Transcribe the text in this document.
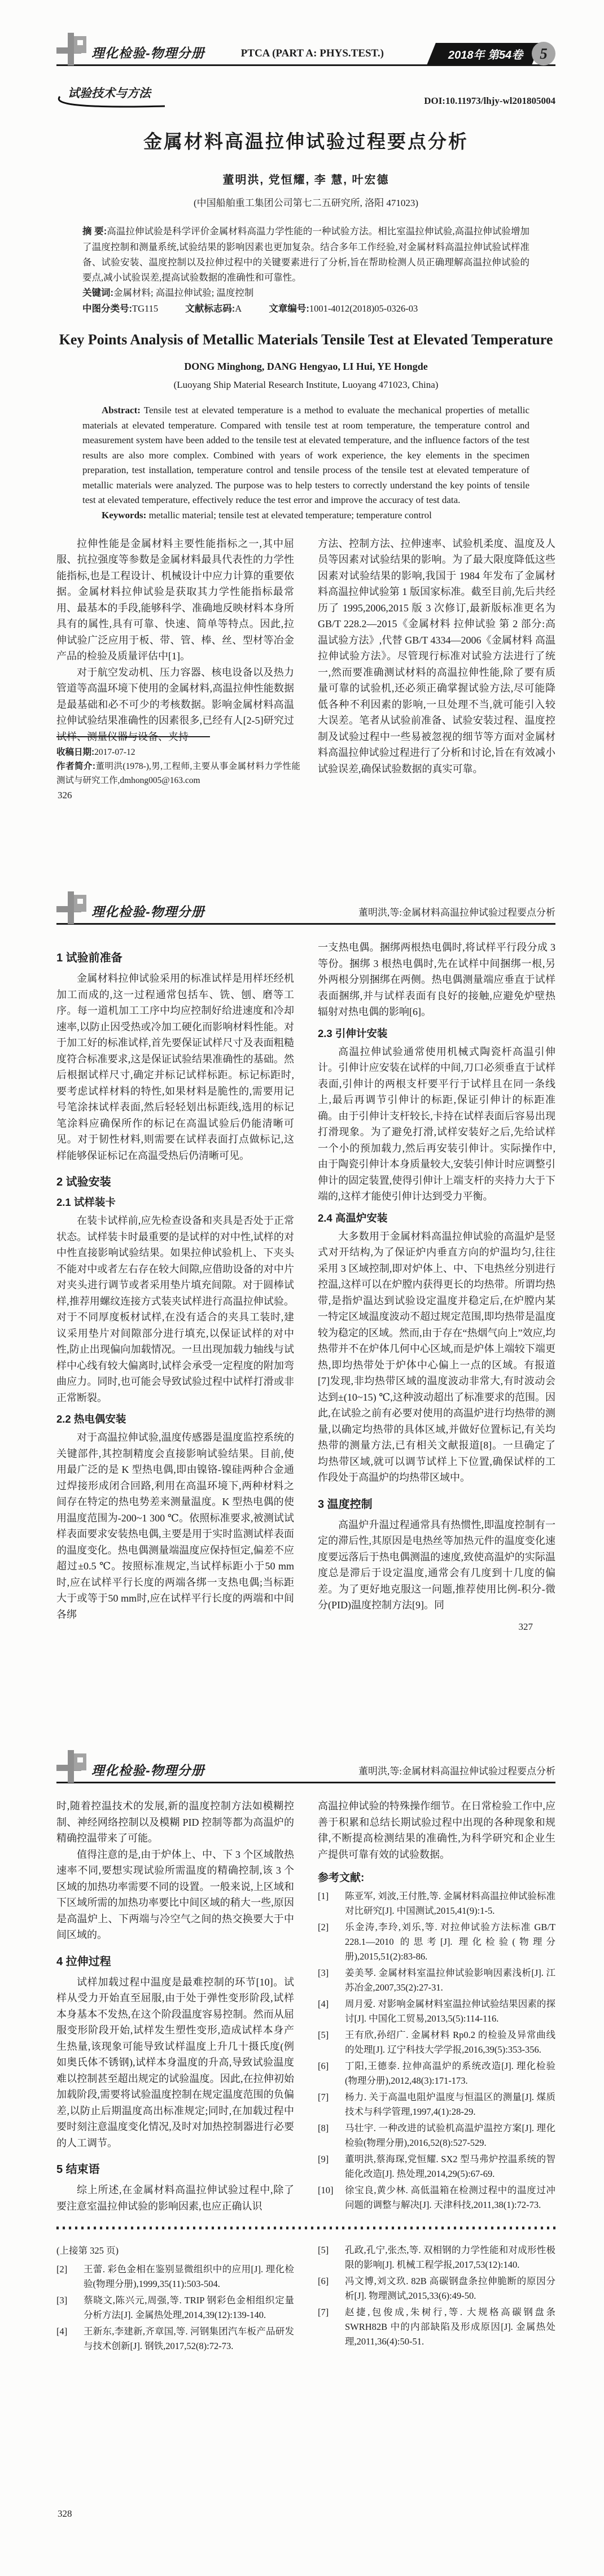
理化检验-物理分册	PTCA (PART A: PHYS.TEST.)	2018年 第54卷	5
试验技术与方法
DOI:10.11973/lhjy-wl201805004
金属材料高温拉伸试验过程要点分析
董明洪, 党恒耀, 李 慧, 叶宏德
(中国船舶重工集团公司第七二五研究所, 洛阳 471023)

摘 要:高温拉伸试验是科学评价金属材料高温力学性能的一种试验方法。相比室温拉伸试验,高温拉伸试验增加了温度控制和测量系统,试验结果的影响因素也更加复杂。结合多年工作经验,对金属材料高温拉伸试验试样准备、试验安装、温度控制以及拉伸过程中的关键要素进行了分析,旨在帮助检测人员正确理解高温拉伸试验的要点,减小试验误差,提高试验数据的准确性和可靠性。

关键词:金属材料; 高温拉伸试验; 温度控制

中图分类号:TG115	文献标志码:A	文章编号:1001-4012(2018)05-0326-03

Key Points Analysis of Metallic Materials Tensile Test at Elevated Temperature
DONG Minghong, DANG Hengyao, LI Hui, YE Hongde
(Luoyang Ship Material Research Institute, Luoyang 471023, China)

Abstract: Tensile test at elevated temperature is a method to evaluate the mechanical properties of metallic materials at elevated temperature. Compared with tensile test at room temperature, the temperature control and measurement system have been added to the tensile test at elevated temperature, and the influence factors of the test results are also more complex. Combined with years of work experience, the key elements in the specimen preparation, test installation, temperature control and tensile process of the tensile test at elevated temperature of metallic materials were analyzed. The purpose was to help testers to correctly understand the key points of tensile test at elevated temperature, effectively reduce the test error and improve the accuracy of test data.

Keywords: metallic material; tensile test at elevated temperature; temperature control

拉伸性能是金属材料主要性能指标之一,其中屈服、抗拉强度等参数是金属材料最具代表性的力学性能指标,也是工程设计、机械设计中应力计算的重要依据。金属材料拉伸试验是获取其力学性能指标最常用、最基本的手段,能够科学、准确地反映材料本身所具有的属性,具有可靠、快速、简单等特点。因此,拉伸试验广泛应用于板、带、管、棒、丝、型材等冶金产品的检验及质量评估中[1]。

对于航空发动机、压力容器、核电设备以及热力管道等高温环境下使用的金属材料,高温拉伸性能数据是最基础和必不可少的考核数据。影响金属材料高温拉伸试验结果准确性的因素很多,已经有人[2-5]研究过试样、测量仪器与设备、夹持

方法、控制方法、拉伸速率、试验机柔度、温度及人员等因素对试验结果的影响。为了最大限度降低这些因素对试验结果的影响,我国于 1984 年发布了金属材料高温拉伸试验第 1 版国家标准。截至目前,先后共经历了 1995,2006,2015 版 3 次修订,最新版标准更名为 GB/T 228.2—2015《金属材料 拉伸试验 第 2 部分:高温试验方法》,代替 GB/T 4334—2006《金属材料 高温拉伸试验方法》。尽管现行标准对试验方法进行了统一,然而要准确测试材料的高温拉伸性能,除了要有质量可靠的试验机,还必须正确掌握试验方法,尽可能降低各种不利因素的影响,一旦处理不当,就可能引入较大误差。笔者从试验前准备、试验安装过程、温度控制及试验过程中一些易被忽视的细节等方面对金属材料高温拉伸试验过程进行了分析和讨论,旨在有效减小试验误差,确保试验数据的真实可靠。

收稿日期:2017-07-12

作者简介:董明洪(1978-),男,工程师,主要从事金属材料力学性能测试与研究工作,dmhong005@163.com

326
理化检验-物理分册	董明洪,等:金属材料高温拉伸试验过程要点分析
1 试验前准备

金属材料拉伸试验采用的标准试样是用样坯经机加工而成的,这一过程通常包括车、铣、刨、磨等工序。每一道机加工工序中均应控制好给进速度和冷却速率,以防止因受热或冷加工硬化而影响材料性能。对于加工好的标准试样,首先要保证试样尺寸及表面粗糙度符合标准要求,这是保证试验结果准确性的基础。然后根据试样尺寸,确定并标记试样标距。标记标距时,要考虑试样材料的特性,如果材料是脆性的,需要用记号笔涂抹试样表面,然后轻轻划出标距线,选用的标记笔涂料应确保所作的标记在高温试验后仍能清晰可见。对于韧性材料,则需要在试样表面打点做标记,这样能够保证标记在高温受热后仍清晰可见。

2 试验安装
2.1 试样装卡

在装卡试样前,应先检查设备和夹具是否处于正常状态。试样装卡时最重要的是试样的对中性,试样的对中性直接影响试验结果。如果拉伸试验机上、下夹头不能对中或者左右存在较大间隙,应借助设备的对中片对夹头进行调节或者采用垫片填充间隙。对于圆棒试样,推荐用螺纹连接方式装夹试样进行高温拉伸试验。对于不同厚度板材试样,在没有适合的夹具工装时,建议采用垫片对间隙部分进行填充,以保证试样的对中性,防止出现偏向加载情况。一旦出现加载力轴线与试样中心线有较大偏离时,试样会承受一定程度的附加弯曲应力。同时,也可能会导致试验过程中试样打滑或非正常断裂。

2.2 热电偶安装

对于高温拉伸试验,温度传感器是温度监控系统的关键部件,其控制精度会直接影响试验结果。目前,使用最广泛的是 K 型热电偶,即由镍铬-镍硅两种合金通过焊接形成闭合回路,利用在高温环境下,两种材料之间存在特定的热电势差来测量温度。K 型热电偶的使用温度范围为-200~1 300 ℃。依照标准要求,被测试试样表面要求安装热电偶,主要是用于实时监测试样表面的温度变化。热电偶测量端温度应保持恒定,偏差不应超过±0.5 ℃。按照标准规定,当试样标距小于50 mm 时,应在试样平行长度的两端各绑一支热电偶;当标距大于或等于50 mm时,应在试样平行长度的两端和中间各绑

一支热电偶。捆绑两根热电偶时,将试样平行段分成 3 等份。捆绑 3 根热电偶时,先在试样中间捆绑一根,另外两根分别捆绑在两侧。热电偶测量端应垂直于试样表面捆绑,并与试样表面有良好的接触,应避免炉壁热辐射对热电偶的影响[6]。

2.3 引伸计安装

高温拉伸试验通常使用机械式陶瓷杆高温引伸计。引伸计应安装在试样的中间,刀口必须垂直于试样表面,引伸计的两根支杆要平行于试样且在同一条线上,最后再调节引伸计的标距,保证引伸计的标距准确。由于引伸计支杆较长,卡持在试样表面后容易出现打滑现象。为了避免打滑,试样安装好之后,先给试样一个小的预加载力,然后再安装引伸计。实际操作中,由于陶瓷引伸计本身质量较大,安装引伸计时应调整引伸计的固定装置,使得引伸计上端支杆的夹持力大于下端的,这样才能使引伸计达到受力平衡。

2.4 高温炉安装

大多数用于金属材料高温拉伸试验的高温炉是竖式对开结构,为了保证炉内垂直方向的炉温均匀,往往采用 3 区域控制,即对炉体上、中、下电热丝分别进行控温,这样可以在炉膛内获得更长的均热带。所谓均热带,是指炉温达到试验设定温度并稳定后,在炉膛内某一特定区域温度波动不超过规定范围,即均热带是温度较为稳定的区域。然而,由于存在“热烟气向上”效应,均热带并不在炉体几何中心区域,而是炉体上端较下端更热,即均热带处于炉体中心偏上一点的区域。有报道[7]发现,非均热带区域的温度波动非常大,有时波动会达到±(10~15) ℃,这种波动超出了标准要求的范围。因此,在试验之前有必要对使用的高温炉进行均热带的测量,以确定均热带的具体区域,并做好位置标记,有关均热带的测量方法,已有相关文献报道[8]。一旦确定了均热带区域,就可以调节试样上下位置,确保试样的工作段处于高温炉的均热带区域中。

3 温度控制

高温炉升温过程通常具有热惯性,即温度控制有一定的滞后性,其原因是电热丝等加热元件的温度变化速度要远落后于热电偶测温的速度,致使高温炉的实际温度总是滞后于设定温度,通常会有几度到十几度的偏差。为了更好地克服这一问题,推荐使用比例-积分-微分(PID)温度控制方法[9]。同

327
理化检验-物理分册	董明洪,等:金属材料高温拉伸试验过程要点分析

时,随着控温技术的发展,新的温度控制方法如模糊控制、神经网络控制以及模糊 PID 控制等都为高温炉的精确控温带来了可能。

值得注意的是,由于炉体上、中、下 3 个区域散热速率不同,要想实现试验所需温度的精确控制,该 3 个区域的加热功率需要不同的设置。一般来说,上区域和下区域所需的加热功率要比中间区域的稍大一些,原因是高温炉上、下两端与冷空气之间的热交换要大于中间区域的。

4 拉伸过程

试样加载过程中温度是最难控制的环节[10]。试样从受力开始直至屈服,由于处于弹性变形阶段,试样本身基本不发热,在这个阶段温度容易控制。然而从屈服变形阶段开始,试样发生塑性变形,造成试样本身产生热量,该现象可能导致试样温度上升几十摄氏度(例如奥氏体不锈钢),试样本身温度的升高,导致试验温度难以控制甚至超出规定的试验温度。因此,在拉伸初始加载阶段,需要将试验温度控制在规定温度范围的负偏差,以防止后期温度高出标准规定;同时,在加载过程中要时刻注意温度变化情况,及时对加热控制器进行必要的人工调节。

5 结束语

综上所述,在金属材料高温拉伸试验过程中,除了要注意室温拉伸试验的影响因素,也应正确认识

高温拉伸试验的特殊操作细节。在日常检验工作中,应善于积累和总结长期试验过程中出现的各种现象和规律,不断提高检测结果的准确性,为科学研究和企业生产提供可靠有效的试验数据。

参考文献:
[1]	陈亚军, 刘波,王付胜,等. 金属材料高温拉伸试验标准对比研究[J]. 中国测试,2015,41(9):1-5.
[2]	乐金涛,李玲,刘乐,等. 对拉伸试验方法标准 GB/T 228.1—2010 的思考[J]. 理化检验(物理分册),2015,51(2):83-86.
[3]	姜美琴. 金属材料室温拉伸试验影响因素浅析[J]. 江苏冶金,2007,35(2):27-31.
[4]	周月爱. 对影响金属材料室温拉伸试验结果因素的探讨[J]. 中国化工贸易,2013,5(5):114-116.
[5]	王有欣,孙绍广. 金属材料 Rp0.2 的检验及异常曲线的处理[J]. 辽宁科技大学学报,2016,39(5):353-356.
[6]	丁阳,王德泰. 拉伸高温炉的系统改造[J]. 理化检验(物理分册),2012,48(3):171-173.
[7]	杨力. 关于高温电阻炉温度与恒温区的测量[J]. 煤质技术与科学管理,1997,4(1):28-29.
[8]	马壮宇. 一种改进的试验机高温炉温控方案[J]. 理化检验(物理分册),2016,52(8):527-529.
[9]	董明洪,蔡海琛,党恒耀. SX2 型马弗炉控温系统的智能化改造[J]. 热处理,2014,29(5):67-69.
[10]	徐宝良,黄少林. 高低温箱在检测过程中的温度过冲问题的调整与解决[J]. 天津科技,2011,38(1):72-73.

(上接第 325 页)

[2]	王蕾. 彩色金相在鉴别显微组织中的应用[J]. 理化检验(物理分册),1999,35(11):503-504.
[3]	蔡晓文,陈兴元,周强,等. TRIP 钢彩色金相组织定量分析方法[J]. 金属热处理,2014,39(12):139-140.
[4]	王新东,李建新,齐章国,等. 河钢集团汽车板产品研发与技术创新[J]. 钢铁,2017,52(8):72-73.
[5]	孔政,孔宁,张杰,等. 双相钢的力学性能和对成形性极限的影响[J]. 机械工程学报,2017,53(12):140.
[6]	冯文博,刘文玖. 82B 高碳钢盘条拉伸脆断的原因分析[J]. 物理测试,2015,33(6):49-50.
[7]	赵捷,包俊成,朱树行,等. 大规格高碳钢盘条 SWRH82B 中的内部缺陷及形成原因[J]. 金属热处理,2011,36(4):50-51.
328
